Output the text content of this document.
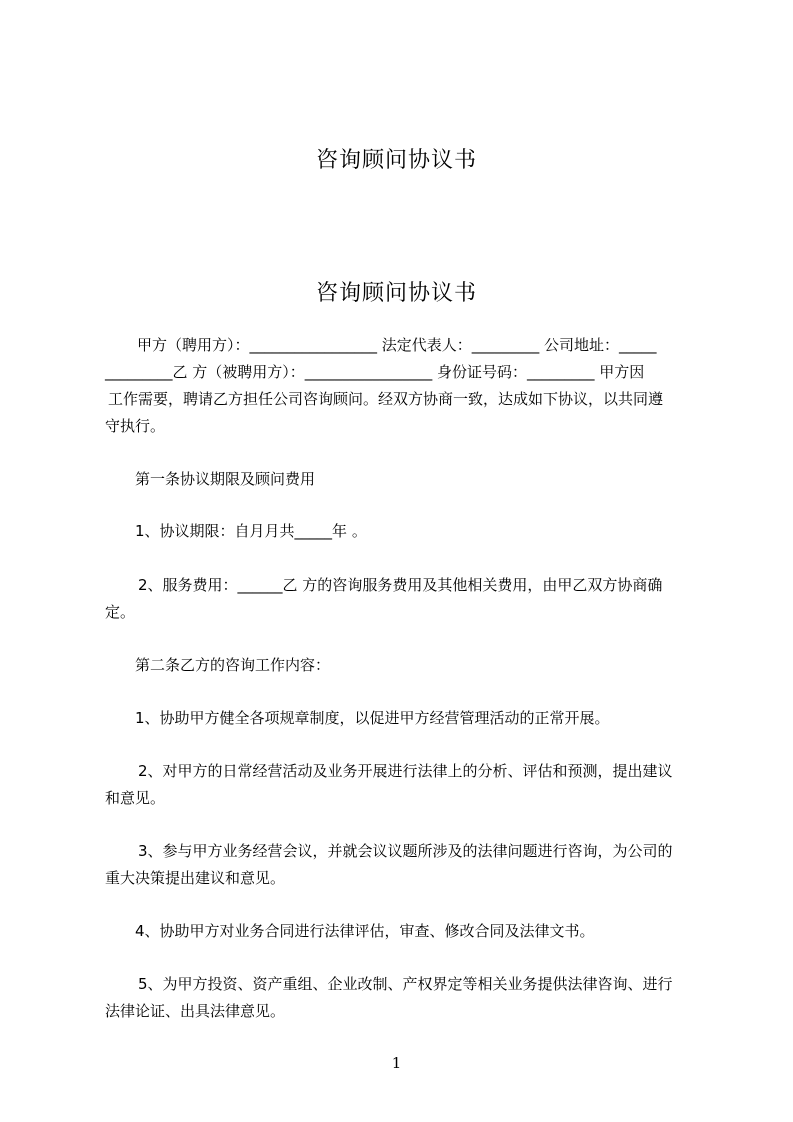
咨询顾问协议书
咨询顾问协议书
甲方（聘用方）：_________________ 法定代表人：_________ 公司地址：_____
_________乙 方（被聘用方）：_________________ 身份证号码：_________ 甲方因
工作需要，聘请乙方担任公司咨询顾问。经双方协商一致，达成如下协议，以共同遵
守执行。
第一条协议期限及顾问费用
1、协议期限：自月月共_____年 。
2、服务费用：______乙 方的咨询服务费用及其他相关费用，由甲乙双方协商确
定。
第二条乙方的咨询工作内容：
1、协助甲方健全各项规章制度，以促进甲方经营管理活动的正常开展。
2、对甲方的日常经营活动及业务开展进行法律上的分析、评估和预测，提出建议
和意见。
3、参与甲方业务经营会议，并就会议议题所涉及的法律问题进行咨询，为公司的
重大决策提出建议和意见。
4、协助甲方对业务合同进行法律评估，审查、修改合同及法律文书。
5、为甲方投资、资产重组、企业改制、产权界定等相关业务提供法律咨询、进行
法律论证、出具法律意见。
1
